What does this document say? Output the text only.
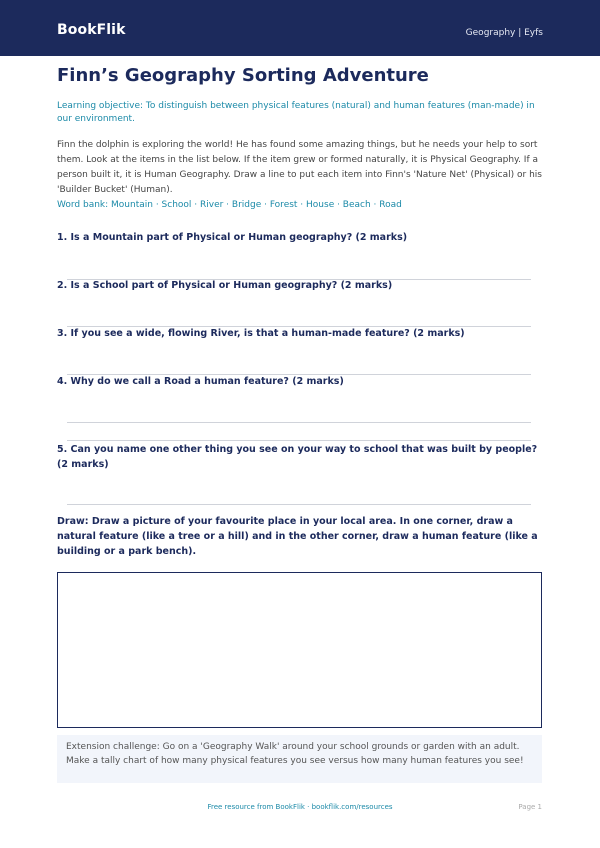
BookFlik	Geography | Eyfs
Finn’s Geography Sorting Adventure
Learning objective: To distinguish between physical features (natural) and human features (man-made) in our environment.
Finn the dolphin is exploring the world! He has found some amazing things, but he needs your help to sort them. Look at the items in the list below. If the item grew or formed naturally, it is Physical Geography. If a person built it, it is Human Geography. Draw a line to put each item into Finn's 'Nature Net' (Physical) or his 'Builder Bucket' (Human).
Word bank: Mountain · School · River · Bridge · Forest · House · Beach · Road
1. Is a Mountain part of Physical or Human geography? (2 marks)
2. Is a School part of Physical or Human geography? (2 marks)
3. If you see a wide, flowing River, is that a human-made feature? (2 marks)
4. Why do we call a Road a human feature? (2 marks)
5. Can you name one other thing you see on your way to school that was built by people? (2 marks)
Draw: Draw a picture of your favourite place in your local area. In one corner, draw a natural feature (like a tree or a hill) and in the other corner, draw a human feature (like a building or a park bench).
Extension challenge: Go on a 'Geography Walk' around your school grounds or garden with an adult. Make a tally chart of how many physical features you see versus how many human features you see!
Free resource from BookFlik · bookflik.com/resources	Page 1
